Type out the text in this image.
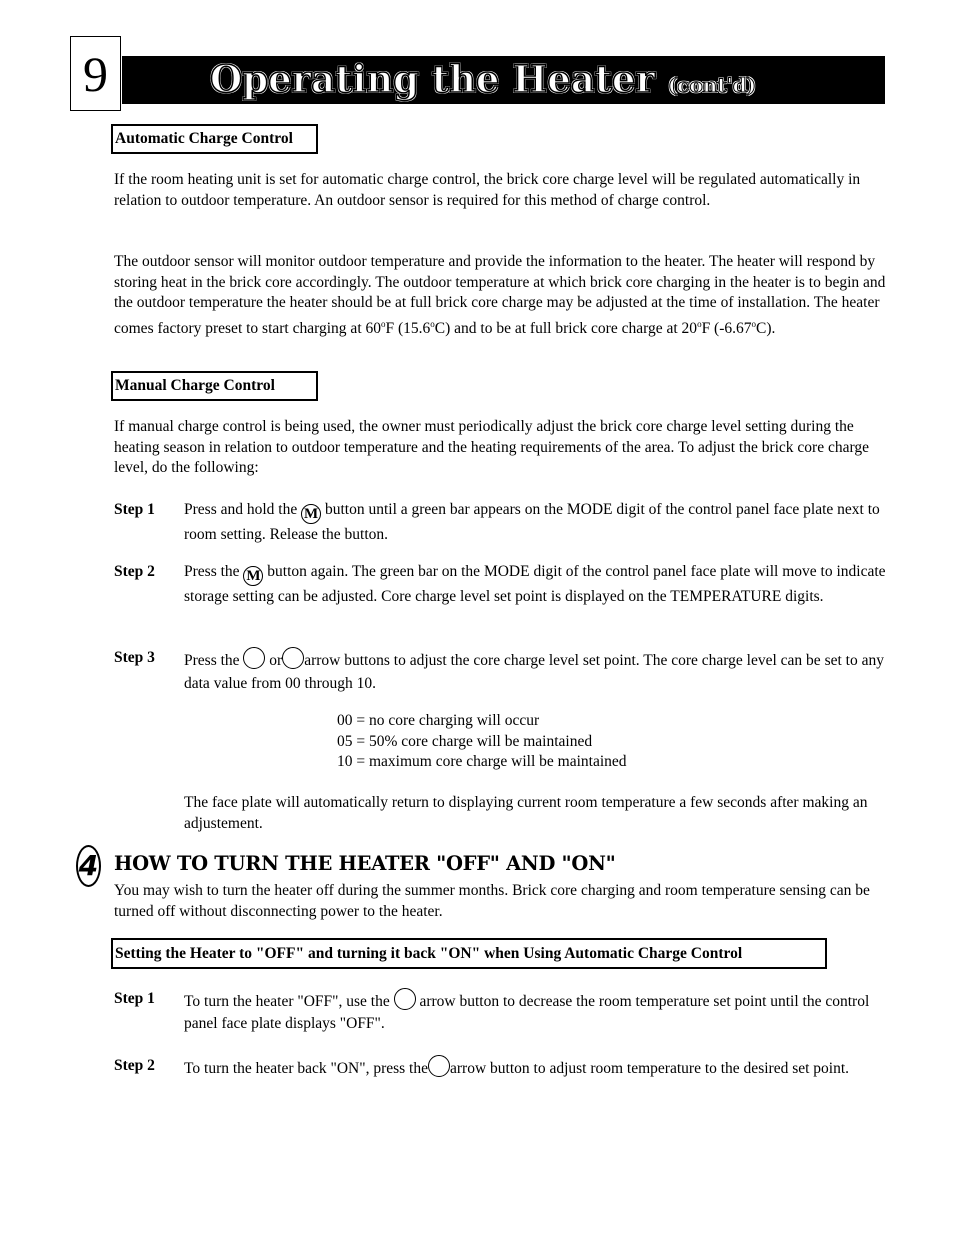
9	Operating the Heater (cont'd)
Automatic Charge Control

If the room heating unit is set for automatic charge control, the brick core charge level will be regulated automatically in relation to outdoor temperature. An outdoor sensor is required for this method of charge control.

The outdoor sensor will monitor outdoor temperature and provide the information to the heater. The heater will respond by storing heat in the brick core accordingly. The outdoor temperature at which brick core charging in the heater is to begin and the outdoor temperature the heater should be at full brick core charge may be adjusted at the time of installation. The heater comes factory preset to start charging at 60$^o$F (15.6$^o$C) and to be at full brick core charge at 20$^o$F (-6.67$^o$C).

Manual Charge Control

If manual charge control is being used, the owner must periodically adjust the brick core charge level setting during the heating season in relation to outdoor temperature and the heating requirements of the area. To adjust the brick core charge level, do the following:

Step 1 Press and hold the M button until a green bar appears on the MODE digit of the control panel face plate next to room setting. Release the button.

Step 2 Press the M button again. The green bar on the MODE digit of the control panel face plate will move to indicate storage setting can be adjusted. Core charge level set point is displayed on the TEMPERATURE digits.

Step 3 Press the  or arrow buttons to adjust the core charge level set point. The core charge level can be set to any data value from 00 through 10.

00 = no core charging will occur
05 = 50% core charge will be maintained
10 = maximum core charge will be maintained

The face plate will automatically return to displaying current room temperature a few seconds after making an adjustement.

4 HOW TO TURN THE HEATER "OFF" AND "ON"

You may wish to turn the heater off during the summer months. Brick core charging and room temperature sensing can be turned off without disconnecting power to the heater.

Setting the Heater to "OFF" and turning it back "ON" when Using Automatic Charge Control
Step 1 To turn the heater "OFF", use the  arrow button to decrease the room temperature set point until the control panel face plate displays "OFF".

Step 2 To turn the heater back "ON", press the arrow button to adjust room temperature to the desired set point.
